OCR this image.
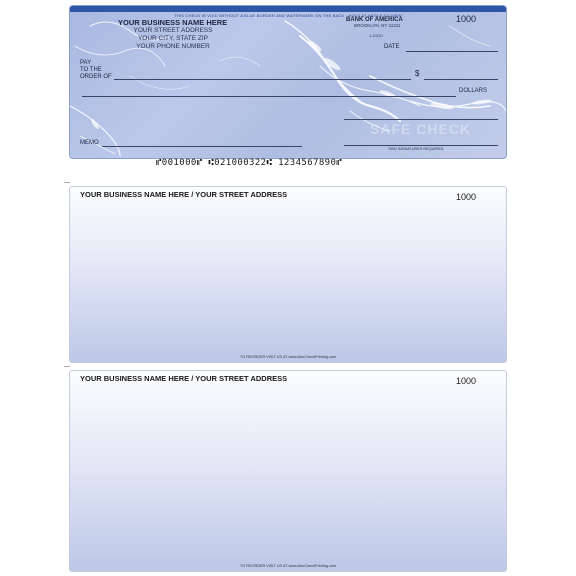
THIS CHECK IS VOID WITHOUT A BLUE BORDER AND WATERMARK ON THE BACK · HOLD AT ANGLE TO VIEW
YOUR BUSINESS NAME HERE
YOUR STREET ADDRESS
YOUR CITY, STATE ZIP
YOUR PHONE NUMBER
BANK OF AMERICA
BROOKLYN, NY 11211
1-2/210
1000
DATE
PAY
TO THE
ORDER OF	$
DOLLARS
SAFE CHECK
TWO SIGNATURES REQUIRED
MEMO
⑈001000⑈ ⑆021000322⑆ 1234567890⑈
—
YOUR BUSINESS NAME HERE / YOUR STREET ADDRESS	1000
TO REORDER VISIT US AT www.AlroCheckPrinting.com
—
YOUR BUSINESS NAME HERE / YOUR STREET ADDRESS	1000
TO REORDER VISIT US AT www.AlroCheckPrinting.com
